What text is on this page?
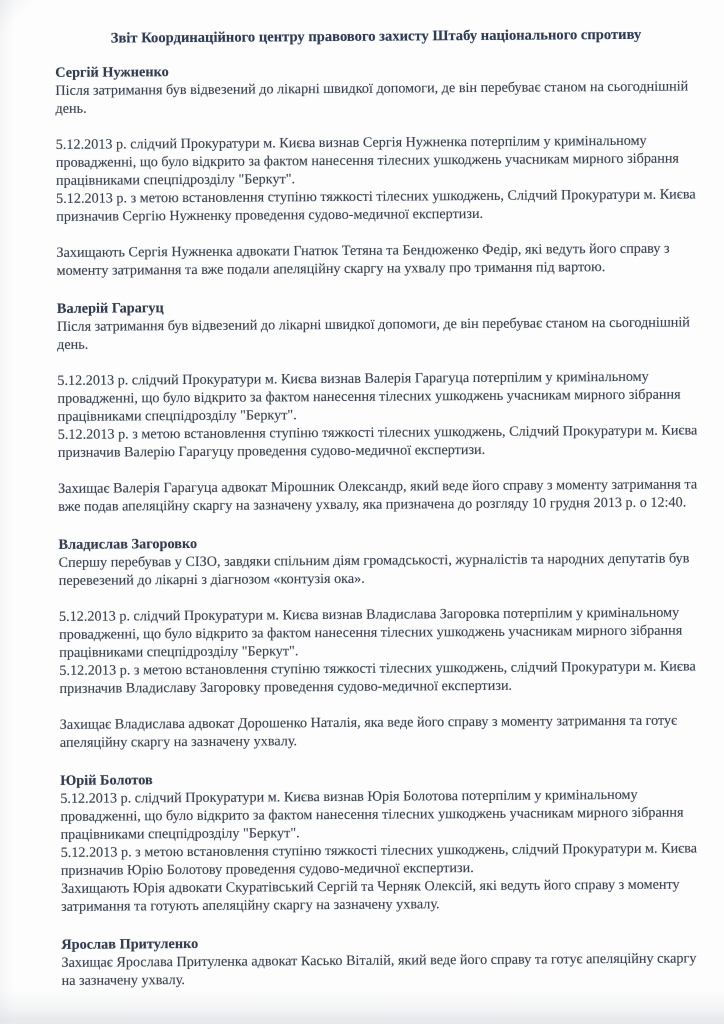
Звіт Координаційного центру правового захисту Штабу національного спротиву
Сергій Нужненко

Після затримання був відвезений до лікарні швидкої допомоги, де він перебуває станом на сьогоднішній день.

5.12.2013 р. слідчий Прокуратури м. Києва визнав Сергія Нужненка потерпілим у кримінальному провадженні, що було відкрито за фактом нанесення тілесних ушкоджень учасникам мирного зібрання працівниками спецпідрозділу "Беркут".

5.12.2013 р. з метою встановлення ступіню тяжкості тілесних ушкоджень, Слідчий Прокуратури м. Києва призначив Сергію Нужненку проведення судово-медичної експертизи.

Захищають Сергія Нужненка адвокати Гнатюк Тетяна та Бендюженко Федір, які ведуть його справу з моменту затримання та вже подали апеляційну скаргу на ухвалу про тримання під вартою.

Валерій Гарагуц

Після затримання був відвезений до лікарні швидкої допомоги, де він перебуває станом на сьогоднішній день.

5.12.2013 р. слідчий Прокуратури м. Києва визнав Валерія Гарагуца потерпілим у кримінальному провадженні, що було відкрито за фактом нанесення тілесних ушкоджень учасникам мирного зібрання працівниками спецпідрозділу "Беркут".

5.12.2013 р. з метою встановлення ступіню тяжкості тілесних ушкоджень, Слідчий Прокуратури м. Києва призначив Валерію Гарагуцу проведення судово-медичної експертизи.

Захищає Валерія Гарагуца адвокат Мірошник Олександр, який веде його справу з моменту затримання та вже подав апеляційну скаргу на зазначену ухвалу, яка призначена до розгляду 10 грудня 2013 р. о 12:40.

Владислав Загоровко

Спершу перебував у СІЗО, завдяки спільним діям громадськості, журналістів та народних депутатів був перевезений до лікарні з діагнозом «контузія ока».

5.12.2013 р. слідчий Прокуратури м. Києва визнав Владислава Загоровка потерпілим у кримінальному провадженні, що було відкрито за фактом нанесення тілесних ушкоджень учасникам мирного зібрання працівниками спецпідрозділу "Беркут".

5.12.2013 р. з метою встановлення ступіню тяжкості тілесних ушкоджень, слідчий Прокуратури м. Києва призначив Владиславу Загоровку проведення судово-медичної експертизи.

Захищає Владислава адвокат Дорошенко Наталія, яка веде його справу з моменту затримання та готує апеляційну скаргу на зазначену ухвалу.

Юрій Болотов

5.12.2013 р. слідчий Прокуратури м. Києва визнав Юрія Болотова потерпілим у кримінальному провадженні, що було відкрито за фактом нанесення тілесних ушкоджень учасникам мирного зібрання працівниками спецпідрозділу "Беркут".

5.12.2013 р. з метою встановлення ступіню тяжкості тілесних ушкоджень, слідчий Прокуратури м. Києва призначив Юрію Болотову проведення судово-медичної експертизи.

Захищають Юрія адвокати Скуратівський Сергій та Черняк Олексій, які ведуть його справу з моменту затримання та готують апеляційну скаргу на зазначену ухвалу.

Ярослав Притуленко

Захищає Ярослава Притуленка адвокат Касько Віталій, який веде його справу та готує апеляційну скаргу на зазначену ухвалу.
